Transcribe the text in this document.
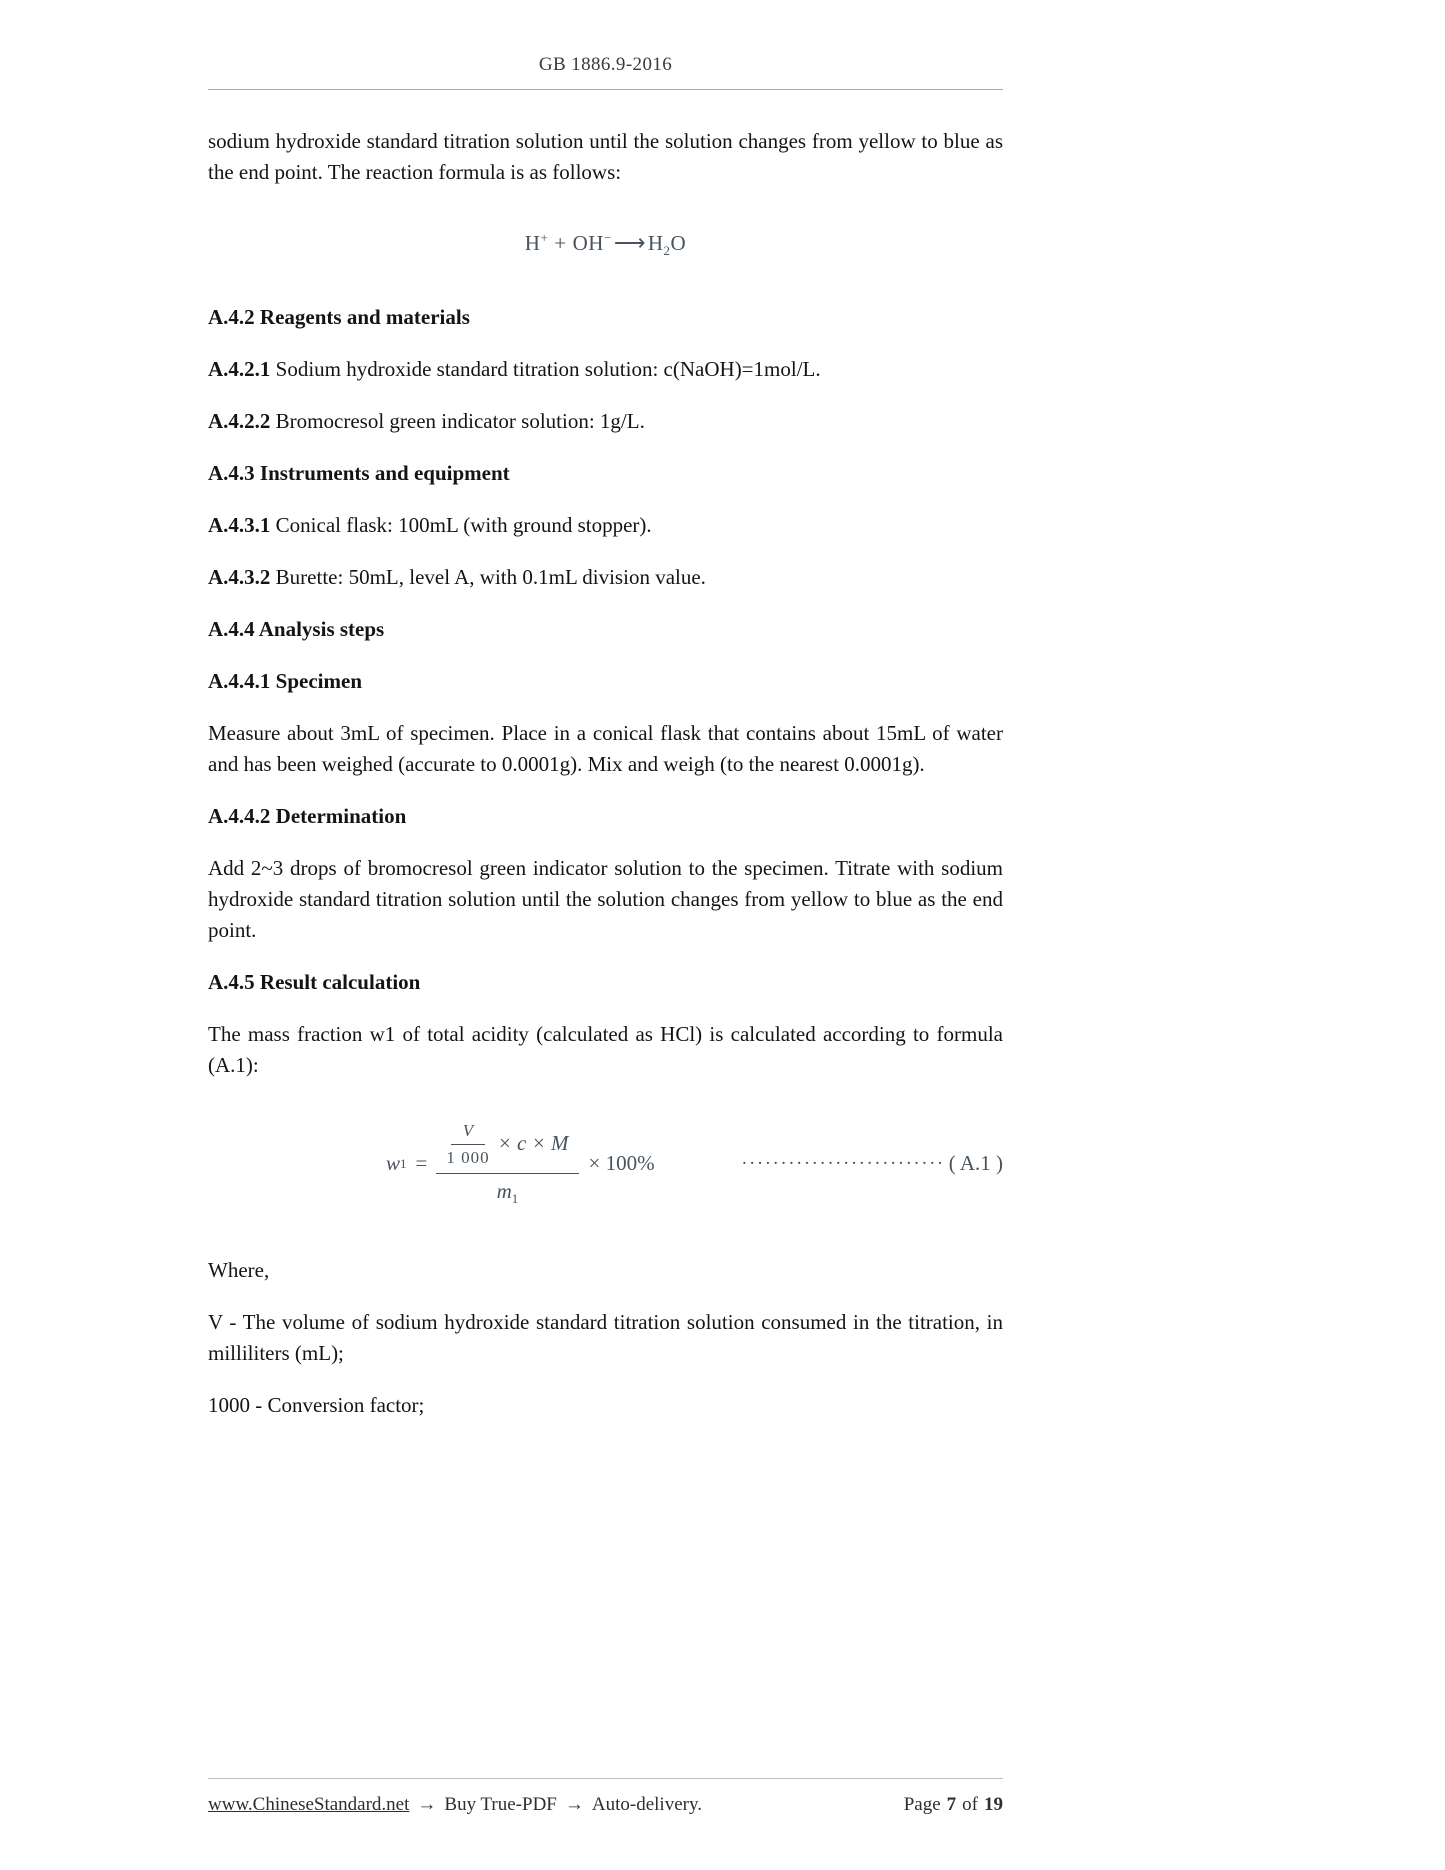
GB 1886.9-2016

sodium hydroxide standard titration solution until the solution changes from yellow to blue as the end point. The reaction formula is as follows:

$H^+ + OH^-⟶H_2O$
A.4.2 Reagents and materials

A.4.2.1 Sodium hydroxide standard titration solution: c(NaOH)=1mol/L.

A.4.2.2 Bromocresol green indicator solution: 1g/L.

A.4.3 Instruments and equipment

A.4.3.1 Conical flask: 100mL (with ground stopper).

A.4.3.2 Burette: 50mL, level A, with 0.1mL division value.

A.4.4 Analysis steps
A.4.4.1 Specimen

Measure about 3mL of specimen. Place in a conical flask that contains about 15mL of water and has been weighed (accurate to 0.0001g). Mix and weigh (to the nearest 0.0001g).

A.4.4.2 Determination

Add 2~3 drops of bromocresol green indicator solution to the specimen. Titrate with sodium hydroxide standard titration solution until the solution changes from yellow to blue as the end point.

A.4.5 Result calculation

The mass fraction w1 of total acidity (calculated as HCl) is calculated according to formula (A.1):

w $1 = \frac{\frac{V}{1 000} \times c \times M}{m_1} \times 100\%$	·························· ( A.1 )

Where,

V - The volume of sodium hydroxide standard titration solution consumed in the titration, in milliliters (mL);

1000 - Conversion factor;

www.ChineseStandard.net → Buy True-PDF → Auto-delivery.	Page 7 of 19
